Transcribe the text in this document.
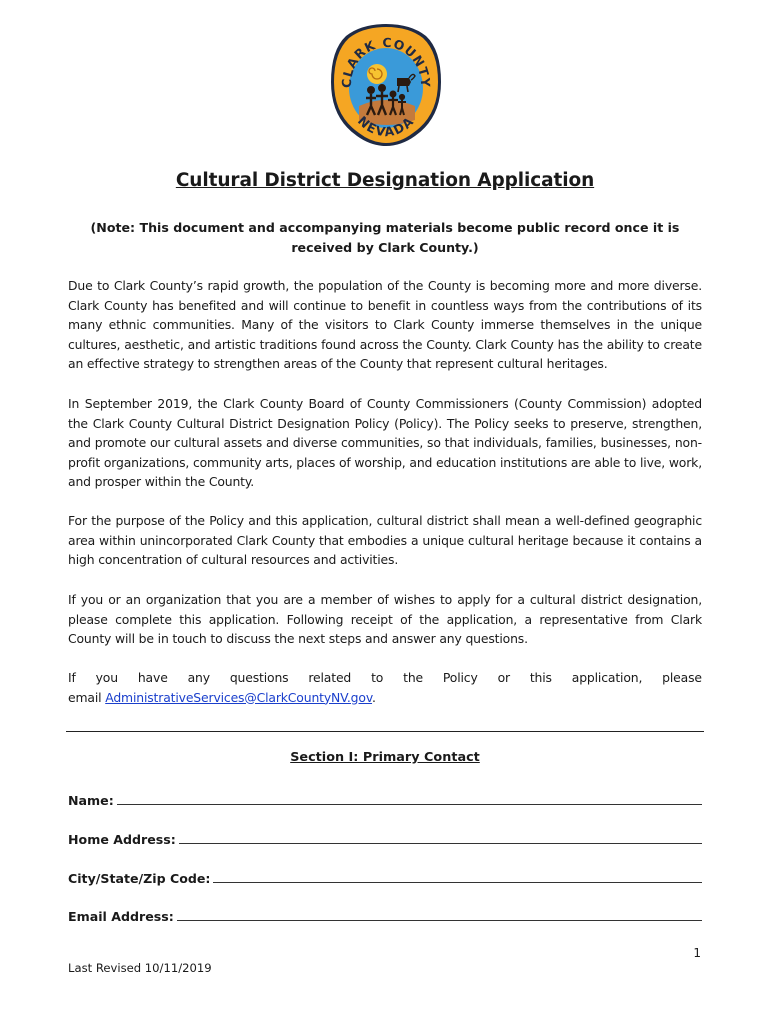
CLARK COUNTY
NEVADA
Cultural District Designation Application
(Note: This document and accompanying materials become public record once it is received by Clark County.)

Due to Clark County’s rapid growth, the population of the County is becoming more and more diverse. Clark County has benefited and will continue to benefit in countless ways from the contributions of its many ethnic communities. Many of the visitors to Clark County immerse themselves in the unique cultures, aesthetic, and artistic traditions found across the County. Clark County has the ability to create an effective strategy to strengthen areas of the County that represent cultural heritages.

In September 2019, the Clark County Board of County Commissioners (County Commission) adopted the Clark County Cultural District Designation Policy (Policy). The Policy seeks to preserve, strengthen, and promote our cultural assets and diverse communities, so that individuals, families, businesses, non-profit organizations, community arts, places of worship, and education institutions are able to live, work, and prosper within the County.

For the purpose of the Policy and this application, cultural district shall mean a well-defined geographic area within unincorporated Clark County that embodies a unique cultural heritage because it contains a high concentration of cultural resources and activities.

If you or an organization that you are a member of wishes to apply for a cultural district designation, please complete this application. Following receipt of the application, a representative from Clark County will be in touch to discuss the next steps and answer any questions.

If you have any questions related to the Policy or this application, please
email AdministrativeServices@ClarkCountyNV.gov.
Section I: Primary Contact
Name:
Home Address:
City/State/Zip Code:
Email Address:
1
Last Revised 10/11/2019
